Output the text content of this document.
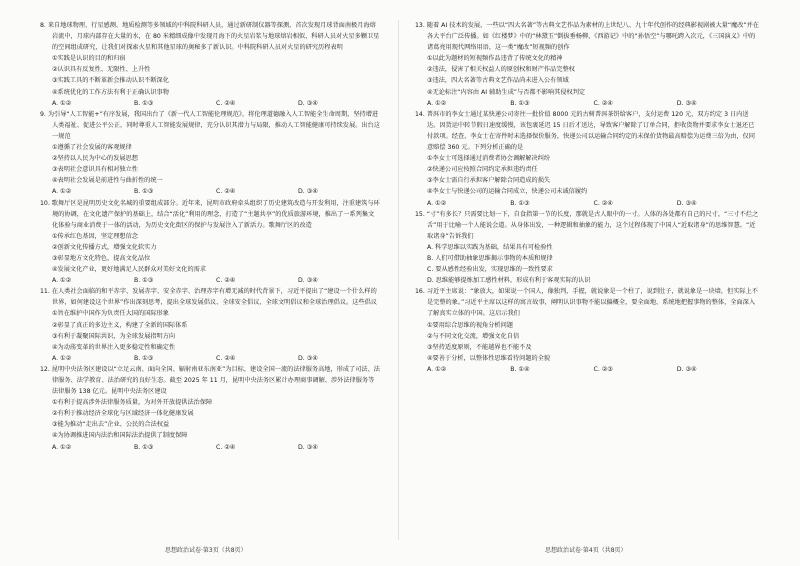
8. 来自地球物理、行星感测、地质检测等多领域的中科院科研人员，通过新研制仪器等探测，首次发现月球背面南极月海熔岩流中，月球内部存在大量的水，在 80 米精细成像中发现月海下的火星岩浆与地球熔岩相似，科研人员对火星多颗卫星的空间组成研究，让我们对探索火星和其他星球的奥秘多了新认识。中科院科研人员对火星的研究历程表明
①实践是认识的目的和归宿
②认识具有反复性、无限性、上升性
③实践工具的不断革新会推动认识不断深化
④系统优化的工作方法有利于正确认识事物
A. ①②	B. ①③	C. ②④	D. ③④
9. 为引导“人工智能+”有序发展，我国出台了《新一代人工智能伦理规范》，将伦理道德融入人工智能全生命周期，坚持增进人类福祉、促进公平公正，同时尊重人工智能发展规律，充分认识其潜力与局限，推动人工智能健康可持续发展。出台这一规范
①遵循了社会发展的客观规律
②坚持以人民为中心的发展思想
③表明社会意识具有相对独立性
④表明社会发展是前进性与曲折性的统一
A. ①②	B. ①③	C. ②④	D. ③④
10. 歌舞厅区是昆明历史文化名城的重要组成部分。近年来，昆明市政府牵头组织了历史建筑改造与开发利用，注重建筑与环境的协调，在文化遗产保护的基础上，结合“活化”利用的理念，打造了“主题共享”的优质旅游环境，推出了一系列集文化体验与商业消费于一体的活动，为历史文化街区的保护与发展注入了新活力。歌舞厅区的改造
①传承红色基因，坚定理想信念
②创新文化传播方式，增强文化软实力
③彰显地方文化特色，提高文化品位
④发展文化产业，更好地满足人民群众对美好文化的需求
A. ①②	B. ①③	C. ②④	D. ③④
11. 在人类社会面临的和平赤字、发展赤字、安全赤字、治理赤字有增无减的时代背景下，习近平提出了“建设一个什么样的世界，如何建设这个世界”作出深刻思考，提出全球发展倡议、全球安全倡议、全球文明倡议和全球治理倡议。这些倡议
①旨在维护中国作为负责任大国的国际形象
②彰显了真正的多边主义，构建了全新的国际体系
③有利于凝聚国际共识，为全球发展指明方向
④为动荡变革的世界注入更多稳定性和确定性
A. ①②	B. ①③	C. ②④	D. ③④
12. 昆明中央法务区建设以“立足云南、面向全国、辐射南亚东南亚”为目标，建设全国一流的法律服务高地，形成了司法、法律服务、法学教育、法治研究的良好生态。截至 2025 年 11 月，昆明中央法务区累计办理商事调解、涉外法律服务等法律服务 138 亿元。昆明中央法务区建设
①有利于提高涉外法律服务质量，为对外开放提供法治保障
②有利于推动经济全球化与区域经济一体化健康发展
③能为推动“走出去”企业、公民的合法权益
④为协调推进国内法治和国际法治提供了制度保障
A. ①②	B. ①③	C. ②④	D. ③④
13. 随着 AI 技术的发展，一些以“四大名著”等古典文艺作品为素材的上世纪八、九十年代创作的经典影视剧被大量“魔改”并在各大平台广泛传播。如《红楼梦》中的“林黛玉”倒拔垂杨柳，《西游记》中的“孙悟空”与哪吒跨入次元，《三国演义》中的诸葛亮用现代网络用语，这一类“魔改”短视频的创作
①以此为题材的短视频作品违背了传统文化的精神
②违法，侵害了相关权益人的原创权和财产作品完整权
③违法，四大名著等古典文艺作品尚未进入公有领域
④无论标注“内容由 AI 辅助生成”与否都不影响其侵权判定
A. ①②	B. ①③	C. ②④	D. ③④
14. 普洱市的李女士通过某快递公司寄往一批价值 8000 元的古树普洱茶饼给客户，支付运费 120 元，双方约定 3 日内送达。因货运中转节假日速度缓慢，该包裹延迟 15 日后才送达，导致客户解除了订单合同，拒收货物并要求李女士退还已付款项。经查，李女士在寄件时未选择保价服务，快递公司以运输合同约定的未保价货物最高赔偿为运费三倍为由，仅同意赔偿 360 元。下列分析正确的是
①李女士可选择通过消费者协会调解解决纠纷
②快递公司应按照合同约定承担违约责任
③李女士需自行承担客户解除合同造成的损失
④李女士与快递公司的运输合同成立，快递公司未诚信履约
A. ①②	B. ①③	C. ②④	D. ③④
15. “寸”有多长？只需要比划一下，自食指第一节的长度，那就是古人眼中的一寸。人体的各处都有自己的尺寸，“三寸不烂之舌”用于比喻一个人能说会道。从身体出发，一种逻辑和抽象的能力，这个过程体现了中国人“近取诸身”的思维智慧。“近取诸身”告诉我们
A. 科学思维以实践为基础，结果具有可检验性
B. 人们可借助抽象思维揭示事物的本质和规律
C. 要从感性经验出发，实现思维的一致性要求
D. 思维能够提炼加工感性材料，形成有利于客观实际的认识
16. 习近平主席说：“象放大，如果说一个国人，像独判，手握，就说象是一个柱了，说到肚子，就说象是一块墙，但实际上不是完整的象。”习近平主席以这样的寓言故事，阐明认识事物不能以偏概全，要全面地、系统地把握事物的整体，全面深入了解真实立体的中国。这启示我们
①要用综合思维的视角分析问题
②与不同文化交流，增强文化自信
③坚持适度原则，不能越界也不能不及
④要善于分析，以整体性思维看待问题的全貌
A. ①②	B. ①④	C. ②③	D. ③④
思想政治试卷·第3页（共8页）	思想政治试卷·第4页（共8页）
